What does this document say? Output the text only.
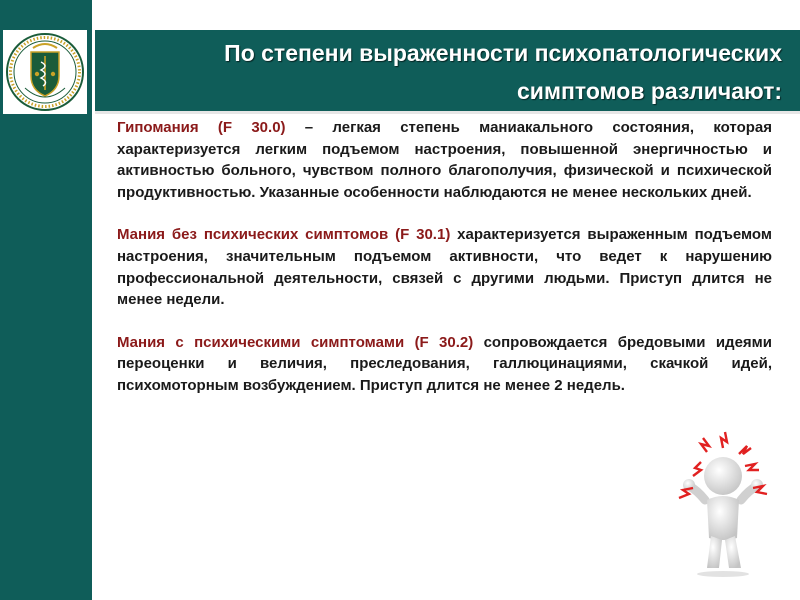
По степени выраженности психопатологических
симптомов различают:

Гипомания (F 30.0) – легкая степень маниакального состояния, которая характеризуется легким подъемом настроения, повышенной энергичностью и активностью больного, чувством полного благополучия, физической и психической продуктивностью. Указанные особенности наблюдаются не менее нескольких дней.

Мания без психических симптомов (F 30.1) характеризуется выраженным подъемом настроения, значительным подъемом активности, что ведет к нарушению профессиональной деятельности, связей с другими людьми. Приступ длится не менее недели.

Мания с психическими симптомами (F 30.2) сопровождается бредовыми идеями переоценки и величия, преследования, галлюцинациями, скачкой идей, психомоторным возбуждением. Приступ длится не менее 2 недель.
